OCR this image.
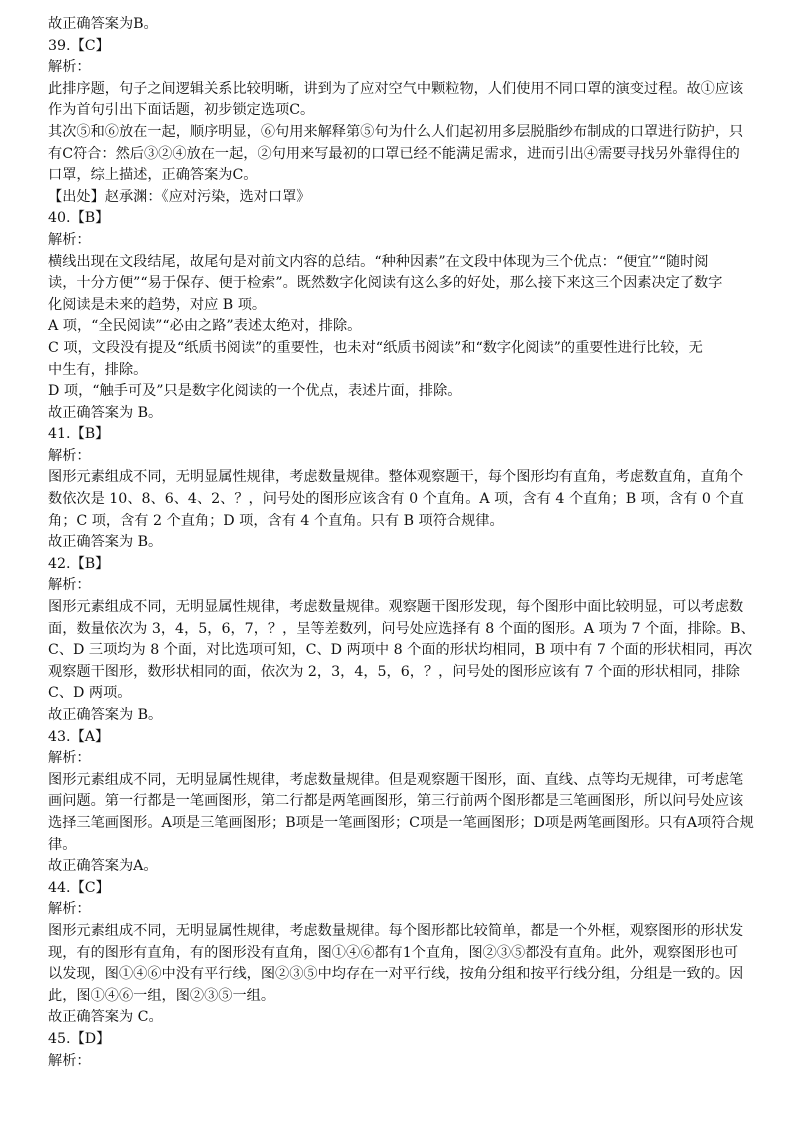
故正确答案为B。
39.【C】
解析：
此排序题，句子之间逻辑关系比较明晰，讲到为了应对空气中颗粒物，人们使用不同口罩的演变过程。故①应该
作为首句引出下面话题，初步锁定选项C。
其次⑤和⑥放在一起，顺序明显，⑥句用来解释第⑤句为什么人们起初用多层脱脂纱布制成的口罩进行防护，只
有C符合：然后③②④放在一起，②句用来写最初的口罩已经不能满足需求，进而引出④需要寻找另外靠得住的
口罩，综上描述，正确答案为C。
【出处】赵承渊：《应对污染，选对口罩》
40.【B】
解析：
横线出现在文段结尾，故尾句是对前文内容的总结。“种种因素”在文段中体现为三个优点：“便宜”“随时阅
读，十分方便”“易于保存、便于检索”。既然数字化阅读有这么多的好处，那么接下来这三个因素决定了数字
化阅读是未来的趋势，对应 B 项。
A 项，“全民阅读”“必由之路”表述太绝对，排除。
C 项，文段没有提及“纸质书阅读”的重要性，也未对“纸质书阅读”和“数字化阅读”的重要性进行比较，无
中生有，排除。
D 项，“触手可及”只是数字化阅读的一个优点，表述片面，排除。
故正确答案为 B。
41.【B】
解析：
图形元素组成不同，无明显属性规律，考虑数量规律。整体观察题干，每个图形均有直角，考虑数直角，直角个
数依次是 10、8、6、4、2、？，问号处的图形应该含有 0 个直角。A 项，含有 4 个直角；B 项，含有 0 个直
角；C 项，含有 2 个直角；D 项，含有 4 个直角。只有 B 项符合规律。
故正确答案为 B。
42.【B】
解析：
图形元素组成不同，无明显属性规律，考虑数量规律。观察题干图形发现，每个图形中面比较明显，可以考虑数
面，数量依次为 3，4，5，6，7，？，呈等差数列，问号处应选择有 8 个面的图形。A 项为 7 个面，排除。B、
C、D 三项均为 8 个面，对比选项可知，C、D 两项中 8 个面的形状均相同，B 项中有 7 个面的形状相同，再次
观察题干图形，数形状相同的面，依次为 2，3，4，5，6，？，问号处的图形应该有 7 个面的形状相同，排除
C、D 两项。
故正确答案为 B。
43.【A】
解析：
图形元素组成不同，无明显属性规律，考虑数量规律。但是观察题干图形，面、直线、点等均无规律，可考虑笔
画问题。第一行都是一笔画图形，第二行都是两笔画图形，第三行前两个图形都是三笔画图形，所以问号处应该
选择三笔画图形。A项是三笔画图形；B项是一笔画图形；C项是一笔画图形；D项是两笔画图形。只有A项符合规
律。
故正确答案为A。
44.【C】
解析：
图形元素组成不同，无明显属性规律，考虑数量规律。每个图形都比较简单，都是一个外框，观察图形的形状发
现，有的图形有直角，有的图形没有直角，图①④⑥都有1个直角，图②③⑤都没有直角。此外，观察图形也可
以发现，图①④⑥中没有平行线，图②③⑤中均存在一对平行线，按角分组和按平行线分组，分组是一致的。因
此，图①④⑥一组，图②③⑤一组。
故正确答案为 C。
45.【D】
解析：
